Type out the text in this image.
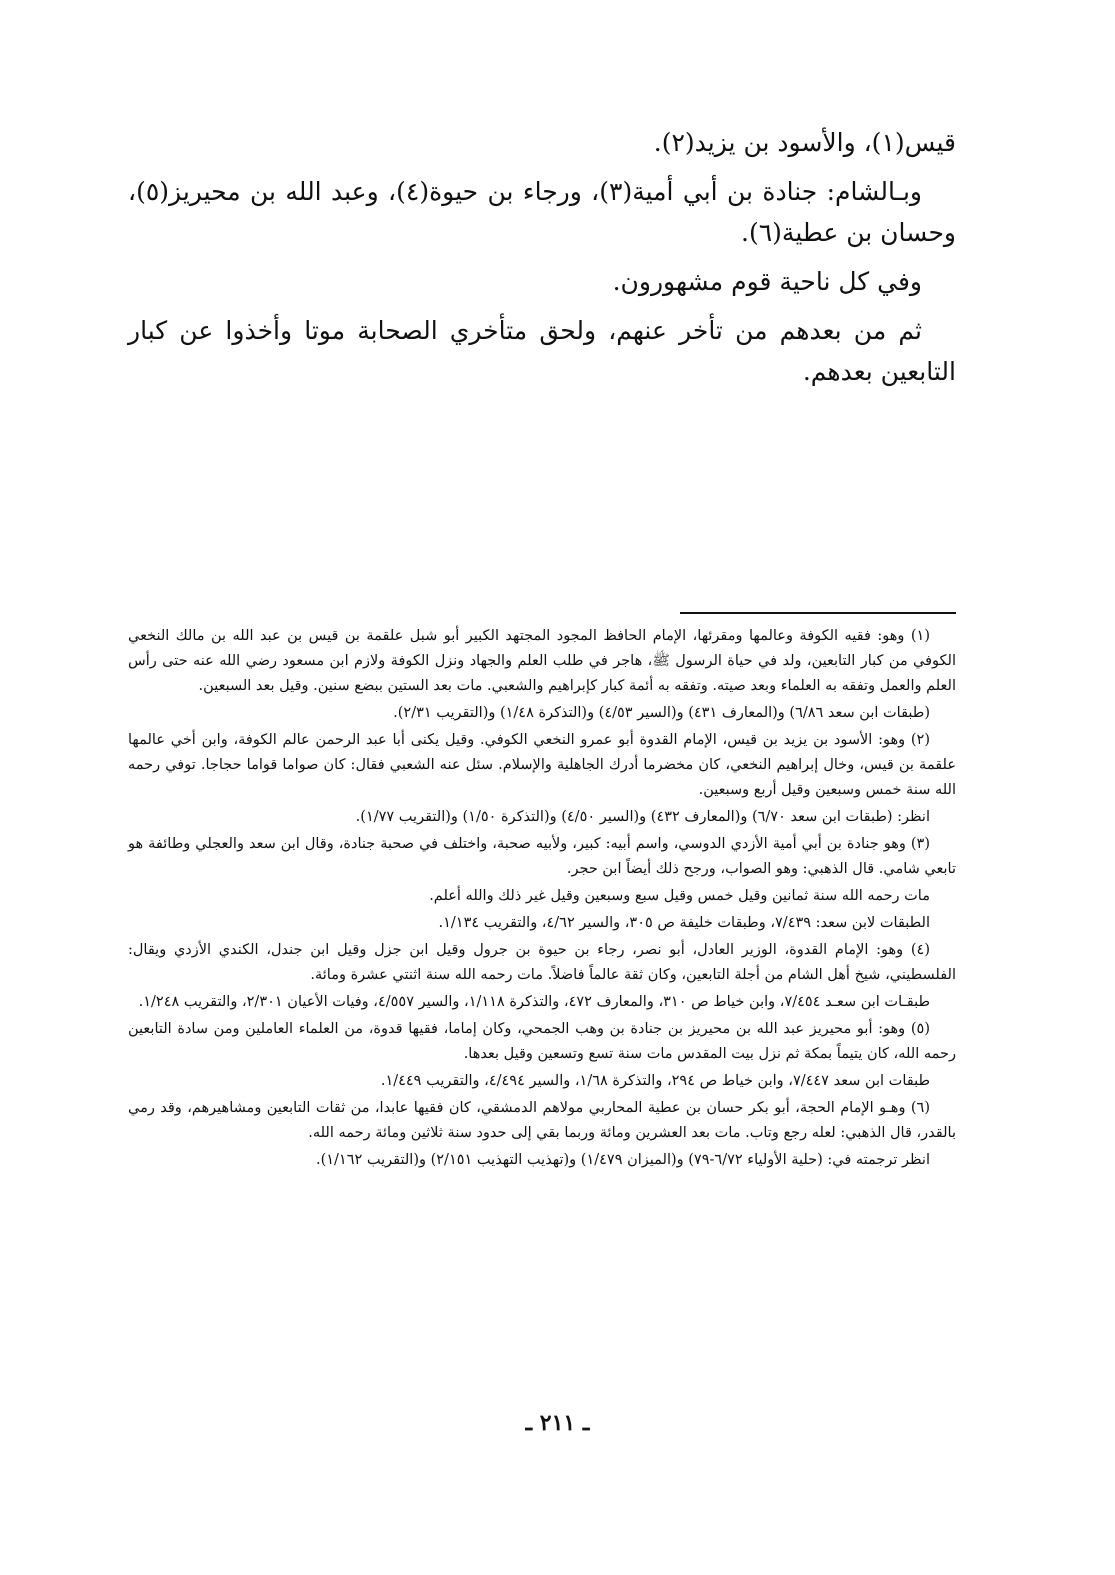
قيس(١)، والأسود بن يزيد(٢).

وبـالشام: جنادة بن أبي أمية(٣)، ورجاء بن حيوة(٤)، وعبد الله بن محيريز(٥)، وحسان بن عطية(٦).

وفي كل ناحية قوم مشهورون.

ثم من بعدهم من تأخر عنهم، ولحق متأخري الصحابة موتا وأخذوا عن كبار التابعين بعدهم.

(١) وهو: فقيه الكوفة وعالمها ومقرئها، الإمام الحافظ المجود المجتهد الكبير أبو شبل علقمة بن قيس بن عبد الله بن مالك النخعي الكوفي من كبار التابعين، ولد في حياة الرسول ﷺ، هاجر في طلب العلم والجهاد ونزل الكوفة ولازم ابن مسعود رضي الله عنه حتى رأس العلم والعمل وتفقه به العلماء وبعد صيته. وتفقه به أئمة كبار كإبراهيم والشعبي. مات بعد الستين ببضع سنين. وقيل بعد السبعين.

(طبقات ابن سعد ٦/٨٦) و(المعارف ٤٣١) و(السير ٤/٥٣) و(التذكرة ١/٤٨) و(التقريب ٢/٣١).

(٢) وهو: الأسود بن يزيد بن قيس، الإمام القدوة أبو عمرو النخعي الكوفي. وقيل يكنى أبا عبد الرحمن عالم الكوفة، وابن أخي عالمها علقمة بن قيس، وخال إبراهيم النخعي، كان مخضرما أدرك الجاهلية والإسلام. سئل عنه الشعبي فقال: كان صواما قواما حجاجا. توفي رحمه الله سنة خمس وسبعين وقيل أربع وسبعين.

انظر: (طبقات ابن سعد ٦/٧٠) و(المعارف ٤٣٢) و(السير ٤/٥٠) و(التذكرة ١/٥٠) و(التقريب ١/٧٧).

(٣) وهو جنادة بن أبي أمية الأزدي الدوسي، واسم أبيه: كبير، ولأبيه صحبة، واختلف في صحبة جنادة، وقال ابن سعد والعجلي وطائفة هو تابعي شامي. قال الذهبي: وهو الصواب، ورجح ذلك أيضاً ابن حجر.

مات رحمه الله سنة ثمانين وقيل خمس وقيل سبع وسبعين وقيل غير ذلك والله أعلم.

الطبقات لابن سعد: ٧/٤٣٩، وطبقات خليفة ص ٣٠٥، والسير ٤/٦٢، والتقريب ١/١٣٤.

(٤) وهو: الإمام القدوة، الوزير العادل، أبو نصر، رجاء بن حيوة بن جرول وقيل ابن جزل وقيل ابن جندل، الكندي الأزدي ويقال: الفلسطيني، شيخ أهل الشام من أجلة التابعين، وكان ثقة عالماً فاضلاً. مات رحمه الله سنة اثنتي عشرة ومائة.

طبقـات ابن سعـد ٧/٤٥٤، وابن خياط ص ٣١٠، والمعارف ٤٧٢، والتذكرة ١/١١٨، والسير ٤/٥٥٧، وفيات الأعيان ٢/٣٠١، والتقريب ١/٢٤٨.

(٥) وهو: أبو محيريز عبد الله بن محيريز بن جنادة بن وهب الجمحي، وكان إماما، فقيها قدوة، من العلماء العاملين ومن سادة التابعين رحمه الله، كان يتيماً بمكة ثم نزل بيت المقدس مات سنة تسع وتسعين وقيل بعدها.

طبقات ابن سعد ٧/٤٤٧، وابن خياط ص ٢٩٤، والتذكرة ١/٦٨، والسير ٤/٤٩٤، والتقريب ١/٤٤٩.

(٦) وهـو الإمام الحجة، أبو بكر حسان بن عطية المحاربي مولاهم الدمشقي، كان فقيها عابدا، من ثقات التابعين ومشاهيرهم، وقد رمي بالقدر، قال الذهبي: لعله رجع وتاب. مات بعد العشرين ومائة وربما بقي إلى حدود سنة ثلاثين ومائة رحمه الله.

انظر ترجمته في: (حلية الأولياء ٦/٧٢-٧٩) و(الميزان ١/٤٧٩) و(تهذيب التهذيب ٢/١٥١) و(التقريب ١/١٦٢).

ـ ٢١١ ـ
